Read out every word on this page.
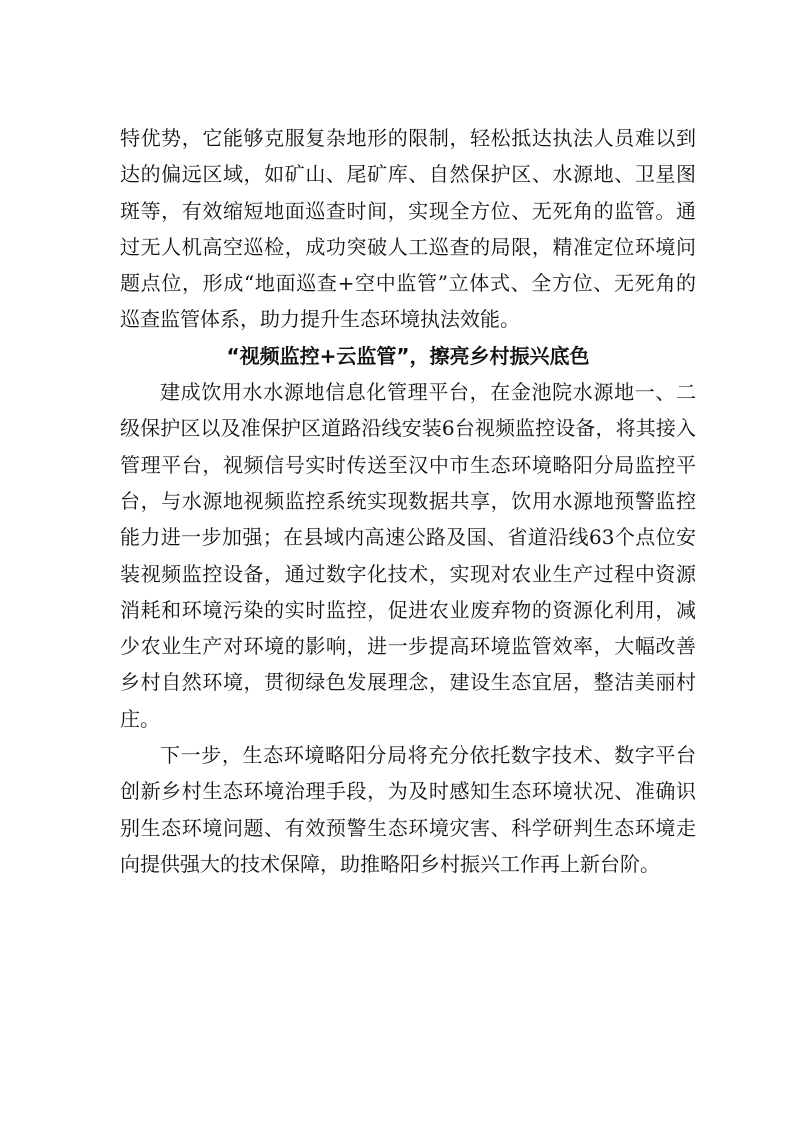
特优势，它能够克服复杂地形的限制，轻松抵达执法人员难以到达的偏远区域，如矿山、尾矿库、自然保护区、水源地、卫星图斑等，有效缩短地面巡查时间，实现全方位、无死角的监管。通过无人机高空巡检，成功突破人工巡查的局限，精准定位环境问题点位，形成“地面巡查+空中监管”立体式、全方位、无死角的巡查监管体系，助力提升生态环境执法效能。

“视频监控+云监管”，擦亮乡村振兴底色

建成饮用水水源地信息化管理平台，在金池院水源地一、二级保护区以及准保护区道路沿线安装6台视频监控设备，将其接入管理平台，视频信号实时传送至汉中市生态环境略阳分局监控平台，与水源地视频监控系统实现数据共享，饮用水源地预警监控能力进一步加强；在县域内高速公路及国、省道沿线63个点位安装视频监控设备，通过数字化技术，实现对农业生产过程中资源消耗和环境污染的实时监控，促进农业废弃物的资源化利用，减少农业生产对环境的影响，进一步提高环境监管效率，大幅改善乡村自然环境，贯彻绿色发展理念，建设生态宜居，整洁美丽村庄。

下一步，生态环境略阳分局将充分依托数字技术、数字平台创新乡村生态环境治理手段，为及时感知生态环境状况、准确识别生态环境问题、有效预警生态环境灾害、科学研判生态环境走向提供强大的技术保障，助推略阳乡村振兴工作再上新台阶。
